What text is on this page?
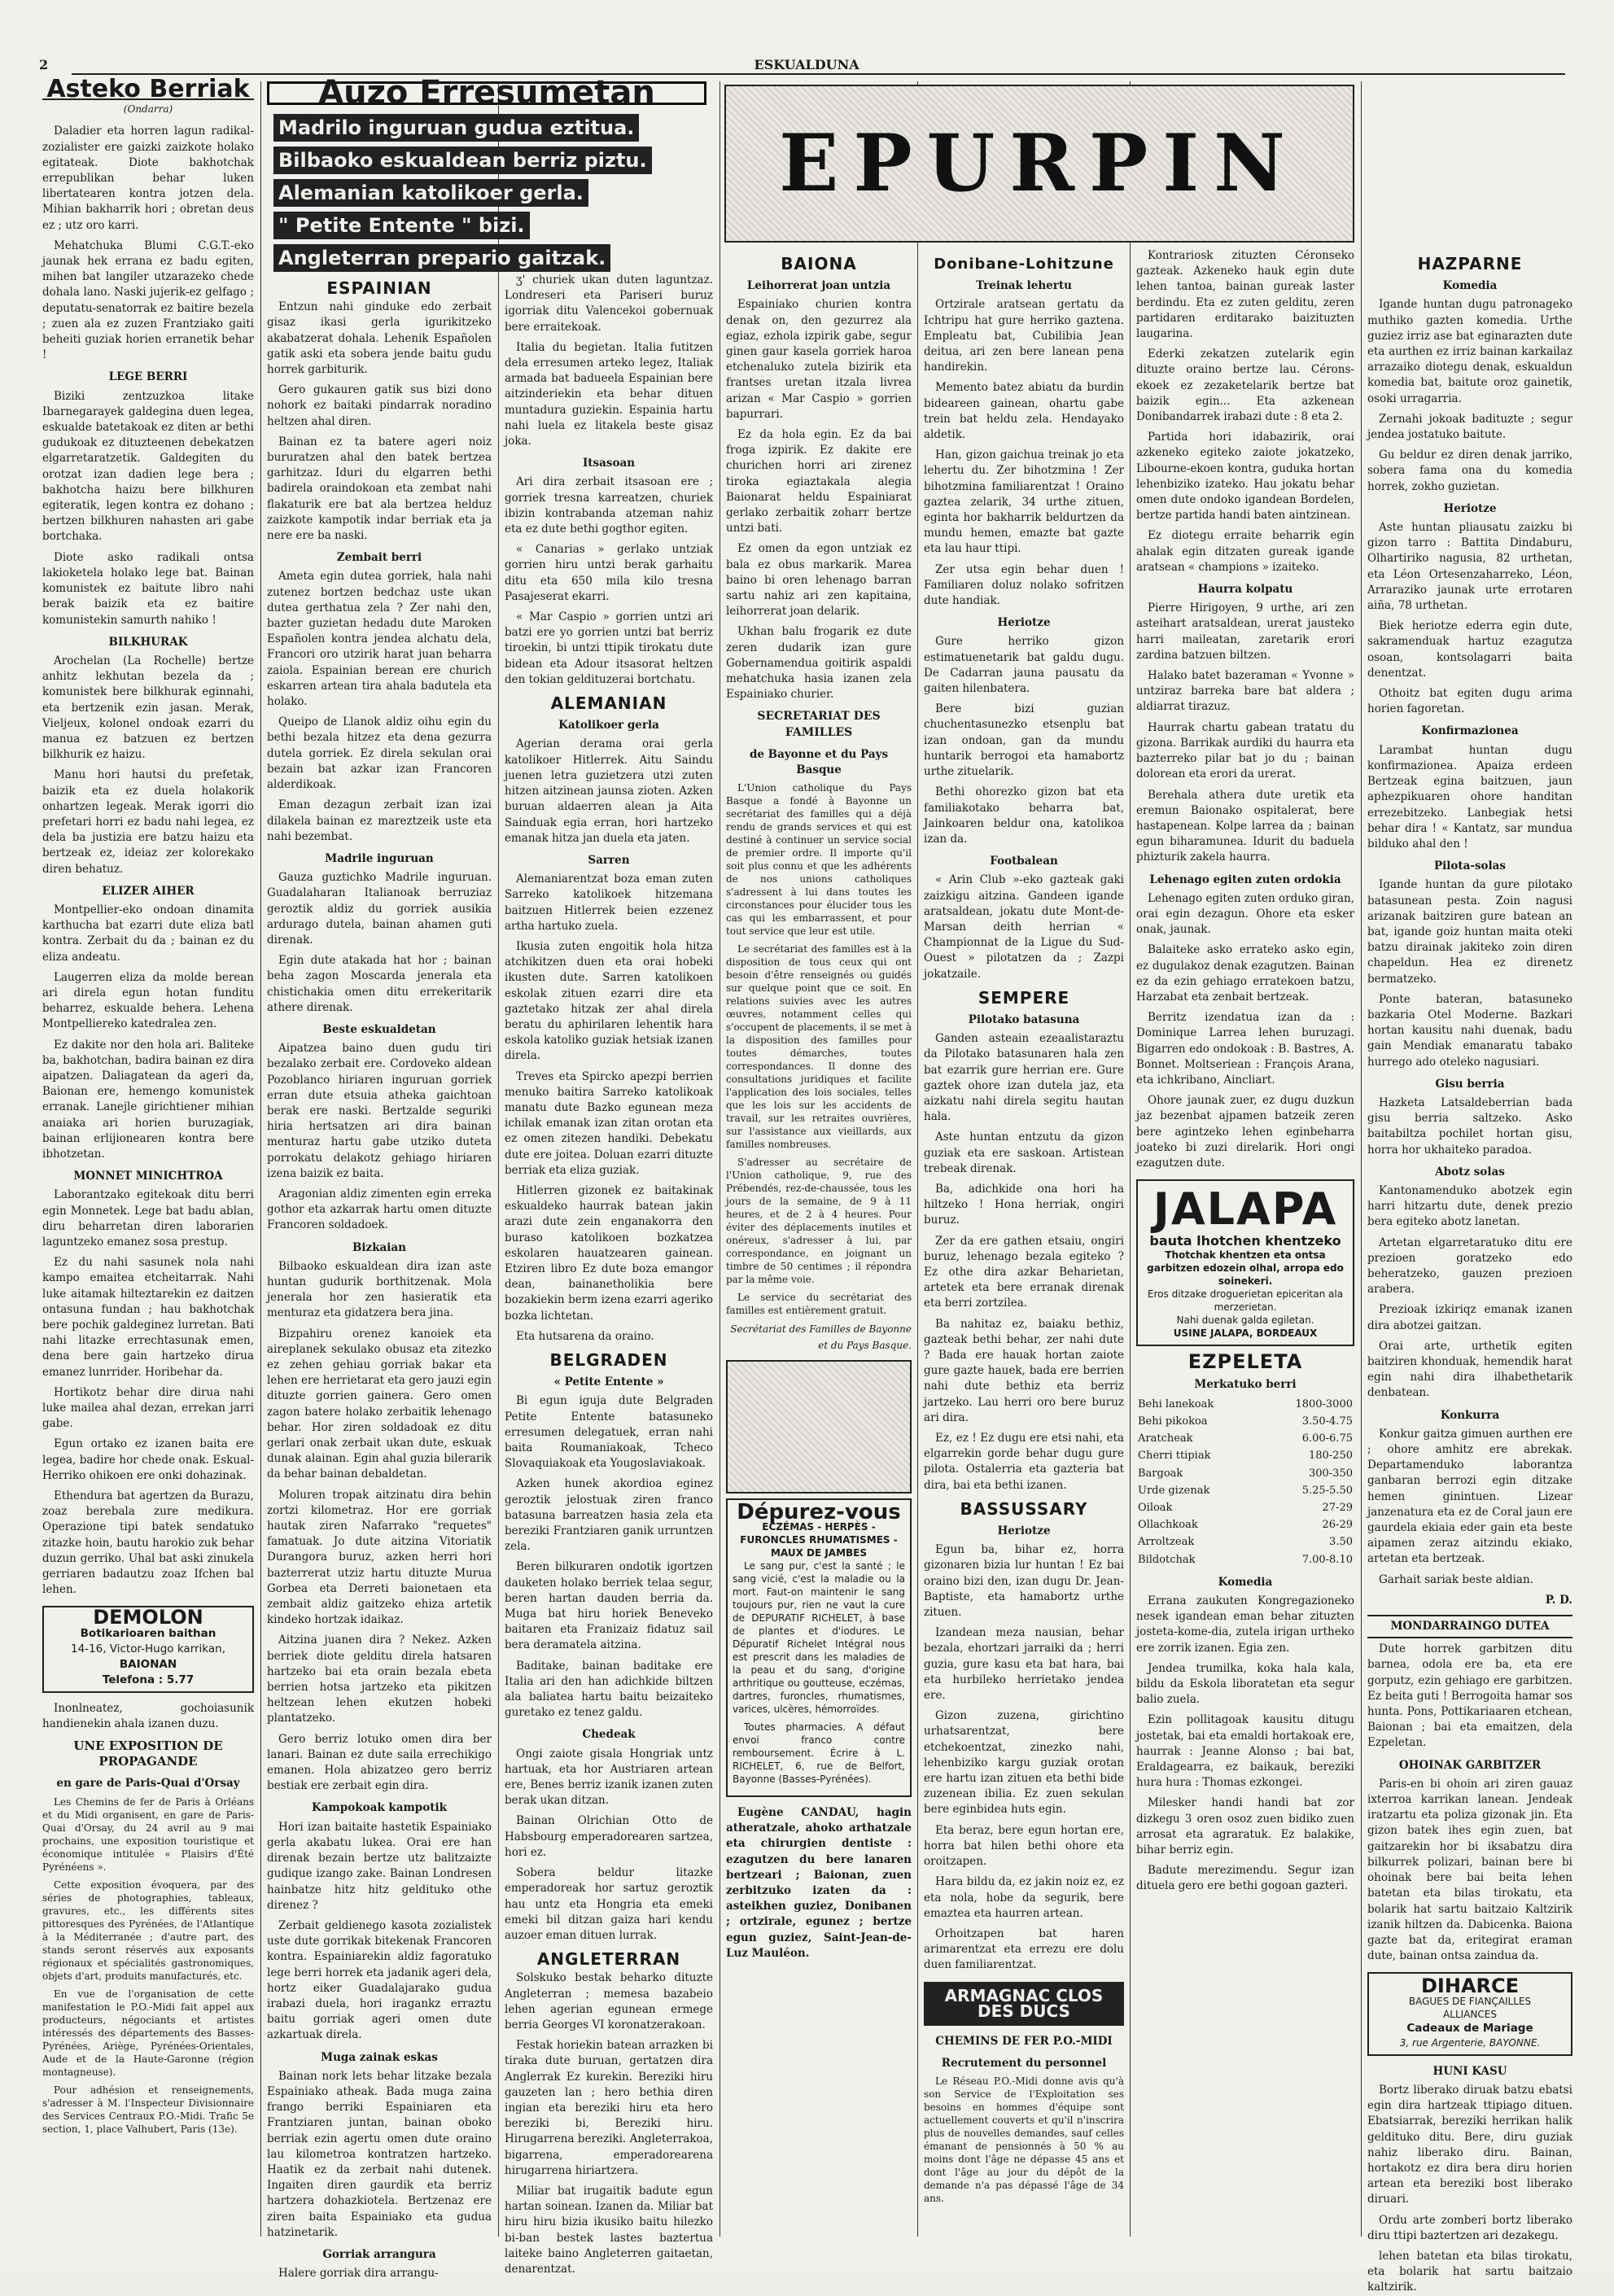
2	ESKUALDUNA
Asteko Berriak
(Ondarra)

Daladier eta horren lagun radikal-zozialister ere gaizki zaizkote holako egitateak. Diote bakhotchak errepublikan behar luken libertatearen kontra jotzen dela. Mihian bakharrik hori ; obretan deus ez ; utz oro karri.

Mehatchuka Blumi C.G.T.-eko jaunak hek errana ez badu egiten, mihen bat langiler utzarazeko chede dohala lano. Naski jujerik-ez gelfago ; deputatu-senatorrak ez baitire bezela ; zuen ala ez zuzen Frantziako gaiti beheiti guziak horien erranetik behar !

LEGE BERRI

Biziki zentzuzkoa litake Ibarnegarayek galdegina duen legea, eskualde batetakoak ez diten ar bethi gudukoak ez dituzteenen debekatzen elgarretaratzetik. Galdegiten du orotzat izan dadien lege bera ; bakhotcha haizu bere bilkhuren egiteratik, legen kontra ez dohano ; bertzen bilkhuren nahasten ari gabe bortchaka.

Diote asko radikali ontsa lakioketela holako lege bat. Bainan komunistek ez baitute libro nahi berak baizik eta ez baitire komunistekin samurth nahiko !

BILKHURAK

Arochelan (La Rochelle) bertze anhitz lekhutan bezela da ; komunistek bere bilkhurak eginnahi, eta bertzenik ezin jasan. Merak, Vieljeux, kolonel ondoak ezarri du manua ez batzuen ez bertzen bilkhurik ez haizu.

Manu hori hautsi du prefetak, baizik eta ez duela holakorik onhartzen legeak. Merak igorri dio prefetari horri ez badu nahi legea, ez dela ba justizia ere batzu haizu eta bertzeak ez, ideiaz zer kolorekako diren behatuz.

ELIZER AIHER

Montpellier-eko ondoan dinamita karthucha bat ezarri dute eliza batl kontra. Zerbait du da ; bainan ez du eliza andeatu.

Laugerren eliza da molde berean ari direla egun hotan funditu beharrez, eskualde behera. Lehena Montpelliereko katedralea zen.

Ez dakite nor den hola ari. Baliteke ba, bakhotchan, badira bainan ez dira aipatzen. Daliagatean da ageri da, Baionan ere, hemengo komunistek erranak. Lanejle girichtiener mihian anaiaka ari horien buruzagiak, bainan erlijionearen kontra bere ibhotzetan.

MONNET MINICHTROA

Laborantzako egitekoak ditu berri egin Monnetek. Lege bat badu ablan, diru beharretan diren laborarien laguntzeko emanez sosa prestup.

Ez du nahi sasunek nola nahi kampo emaitea etcheitarrak. Nahi luke aitamak hilteztarekin ez daitzen ontasuna fundan ; hau bakhotchak bere pochik galdeginez lurretan. Bati nahi litazke errechtasunak emen, dena bere gain hartzeko dirua emanez lunrrider. Horibehar da.

Hortikotz behar dire dirua nahi luke mailea ahal dezan, errekan jarri gabe.

Egun ortako ez izanen baita ere legea, badire hor chede onak. Eskual-Herriko ohikoen ere onki dohazinak.

Ethendura bat agertzen da Burazu, zoaz berebala zure medikura. Operazione tipi batek sendatuko zitazke hoin, bautu harokio zuk behar duzun gerriko. Uhal bat aski zinukela gerriaren badautzu zoaz Ifchen bal lehen.

DEMOLON
Botikarioaren baithan
14-16, Victor-Hugo karrikan,
BAIONAN
Telefona : 5.77

Inonlneatez, gochoiasunik handienekin ahala izanen duzu.

UNE EXPOSITION DE PROPAGANDE
en gare de Paris-Quai d'Orsay

Les Chemins de fer de Paris à Orléans et du Midi organisent, en gare de Paris-Quai d'Orsay, du 24 avril au 9 mai prochains, une exposition touristique et économique intitulée « Plaisirs d'Été Pyrénéens ».

Cette exposition évoquera, par des séries de photographies, tableaux, gravures, etc., les différents sites pittoresques des Pyrénées, de l'Atlantique à la Méditerranée ; d'autre part, des stands seront réservés aux exposants régionaux et spécialités gastronomiques, objets d'art, produits manufacturés, etc.

En vue de l'organisation de cette manifestation le P.O.-Midi fait appel aux producteurs, négociants et artistes intéressés des départements des Basses-Pyrénées, Ariège, Pyrénées-Orientales, Aude et de la Haute-Garonne (région montagneuse).

Pour adhésion et renseignements, s'adresser à M. l'Inspecteur Divisionnaire des Services Centraux P.O.-Midi. Trafic 5e section, 1, place Valhubert, Paris (13e).

Auzo Erresumetan
Madrilo inguruan gudua eztitua.
Bilbaoko eskualdean berriz piztu.
Alemanian katolikoer gerla.
" Petite Entente " bizi.
Angleterran prepario gaitzak.
ESPAINIAN

Entzun nahi ginduke edo zerbait gisaz ikasi gerla igurikitzeko akabatzerat dohala. Lehenik Españolen gatik aski eta sobera jende baitu gudu horrek garbiturik.

Gero gukauren gatik sus bizi dono nohork ez baitaki pindarrak noradino heltzen ahal diren.

Bainan ez ta batere ageri noiz bururatzen ahal den batek bertzea garhitzaz. Iduri du elgarren bethi badirela oraindokoan eta zembat nahi flakaturik ere bat ala bertzea helduz zaizkote kampotik indar berriak eta ja nere ere ba naski.

Zembait berri

Ameta egin dutea gorriek, hala nahi zutenez bortzen bedchaz uste ukan dutea gerthatua zela ? Zer nahi den, bazter guzietan hedadu dute Maroken Españolen kontra jendea alchatu dela, Francori oro utzirik harat juan beharra zaiola. Espainian berean ere churich eskarren artean tira ahala badutela eta holako.

Queipo de Llanok aldiz oihu egin du bethi bezala hitzez eta dena gezurra dutela gorriek. Ez direla sekulan orai bezain bat azkar izan Francoren alderdikoak.

Eman dezagun zerbait izan izai dilakela bainan ez mareztzeik uste eta nahi bezembat.

Madrile inguruan

Gauza guztichko Madrile inguruan. Guadalaharan Italianoak berruziaz geroztik aldiz du gorriek ausikia ardurago dutela, bainan ahamen guti direnak.

Egin dute atakada hat hor ; bainan beha zagon Moscarda jenerala eta chistichakia omen ditu errekeritarik athere direnak.

Beste eskualdetan

Aipatzea baino duen gudu tiri bezalako zerbait ere. Cordoveko aldean Pozoblanco hiriaren inguruan gorriek erran dute etsuia atheka gaichtoan berak ere naski. Bertzalde seguriki hiria hertsatzen ari dira bainan menturaz hartu gabe utziko duteta porrokatu delakotz gehiago hiriaren izena baizik ez baita.

Aragonian aldiz zimenten egin erreka gothor eta azkarrak hartu omen dituzte Francoren soldadoek.

Bizkaian

Bilbaoko eskualdean dira izan aste huntan gudurik borthitzenak. Mola jenerala hor zen hasieratik eta menturaz eta gidatzera bera jina.

Bizpahiru orenez kanoiek eta aireplanek sekulako obusaz eta zitezko ez zehen gehiau gorriak bakar eta lehen ere herrietarat eta gero jauzi egin dituzte gorrien gainera. Gero omen zagon batere holako zerbaitik lehenago behar. Hor ziren soldadoak ez ditu gerlari onak zerbait ukan dute, eskuak dunak alainan. Egin ahal guzia bilerarik da behar bainan debaldetan.

Moluren tropak aitzinatu dira behin zortzi kilometraz. Hor ere gorriak hautak ziren Nafarrako "requetes" famatuak. Jo dute aitzina Vitoriatik Durangora buruz, azken herri hori bazterrerat utziz hartu dituzte Murua Gorbea eta Derreti baionetaen eta zembait aldiz gaitzeko ehiza artetik kindeko hortzak idaikaz.

Aitzina juanen dira ? Nekez. Azken berriek diote gelditu direla hatsaren hartzeko bai eta orain bezala ebeta berrien hotsa jartzeko eta pikitzen heltzean lehen ekutzen hobeki plantatzeko.

Gero berriz lotuko omen dira ber lanari. Bainan ez dute saila errechikigo emanen. Hola abizatzeo gero berriz bestiak ere zerbait egin dira.

Kampokoak kampotik

Hori izan baitaite hastetik Espainiako gerla akabatu lukea. Orai ere han direnak bezain bertze utz balitzaizte gudique izango zake. Bainan Londresen hainbatze hitz hitz geldituko othe direnez ?

Zerbait geldienego kasota zozialistek uste dute gorrikak bitekenak Francoren kontra. Espainiarekin aldiz fagoratuko lege berri horrek eta jadanik ageri dela, hortz eiker Guadalajarako gudua irabazi duela, hori iragankz erraztu baitu gorriak ageri omen dute azkartuak direla.

Muga zainak eskas

Bainan nork lets behar litzake bezala Espainiako atheak. Bada muga zaina frango berriki Espainiaren eta Frantziaren juntan, bainan oboko berriak ezin agertu omen dute oraino lau kilometroa kontratzen hartzeko. Haatik ez da zerbait nahi dutenek. Ingaiten diren gaurdik eta berriz hartzera dohazkiotela. Bertzenaz ere ziren baita Espainiako eta gudua hatzinetarik.

Gorriak arrangura

Halere gorriak dira arrangu-

ʒ' churiek ukan duten laguntzaz. Londreseri eta Pariseri buruz igorriak ditu Valencekoi gobernuak bere erraitekoak.

Italia du begietan. Italia futitzen dela erresumen arteko legez, Italiak armada bat badueela Espainian bere aitzinderiekin eta behar dituen muntadura guziekin. Espainia hartu nahi luela ez litakela beste gisaz joka.

Itsasoan

Ari dira zerbait itsasoan ere ; gorriek tresna karreatzen, churiek ibizin kontrabanda atzeman nahiz eta ez dute bethi gogthor egiten.

« Canarias » gerlako untziak gorrien hiru untzi berak garhaitu ditu eta 650 mila kilo tresna Pasajeserat ekarri.

« Mar Caspio » gorrien untzi ari batzi ere yo gorrien untzi bat berriz tiroekin, bi untzi ttipik tirokatu dute bidean eta Adour itsasorat heltzen den tokian geldituzerai bortchatu.

ALEMANIAN
Katolikoer gerla

Agerian derama orai gerla katolikoer Hitlerrek. Aitu Saindu juenen letra guzietzera utzi zuten hitzen aitzinean jaunsa zioten. Azken buruan aldaerren alean ja Aita Sainduak egia erran, hori hartzeko emanak hitza jan duela eta jaten.

Sarren

Alemaniarentzat boza eman zuten Sarreko katolikoek hitzemana baitzuen Hitlerrek beien ezzenez artha hartuko zuela.

Ikusia zuten engoitik hola hitza atchikitzen duen eta orai hobeki ikusten dute. Sarren katolikoen eskolak zituen ezarri dire eta gaztetako hitzak zer ahal direla beratu du aphirilaren lehentik hara eskola katoliko guziak hetsiak izanen direla.

Treves eta Spircko apezpi berrien menuko baitira Sarreko katolikoak manatu dute Bazko egunean meza ichilak emanak izan zitan orotan eta ez omen zitezen handiki. Debekatu dute ere joitea. Doluan ezarri dituzte berriak eta eliza guziak.

Hitlerren gizonek ez baitakinak eskualdeko haurrak batean jakin arazi dute zein enganakorra den buraso katolikoen bozkatzea eskolaren hauatzearen gainean. Etziren libro Ez dute boza emangor dean, bainanetholikia bere bozakiekin berm izena ezarri ageriko bozka lichtetan.

Eta hutsarena da oraino.

BELGRADEN
« Petite Entente »

Bi egun iguja dute Belgraden Petite Entente batasuneko erresumen delegatuek, erran nahi baita Roumaniakoak, Tcheco Slovaquiakoak eta Yougoslaviakoak.

Azken hunek akordioa eginez geroztik jelostuak ziren franco batasuna barreatzen hasia zela eta bereziki Frantziaren ganik urruntzen zela.

Beren bilkuraren ondotik igortzen dauketen holako berriek telaa segur, beren hartan dauden berria da. Muga bat hiru horiek Beneveko baitaren eta Franizaiz fidatuz sail bera deramatela aitzina.

Baditake, bainan baditake ere Italia ari den han adichkide biltzen ala baliatea hartu baitu beizaiteko guretako ez tenez galdu.

Chedeak

Ongi zaiote gisala Hongriak untz hartuak, eta hor Austriaren artean ere, Benes berriz izanik izanen zuten berak ukan ditzan.

Bainan Olrichian Otto de Habsbourg emperadorearen sartzea, hori ez.

Sobera beldur litazke emperadoreak hor sartuz geroztik hau untz eta Hongria eta emeki emeki bil ditzan gaiza hari kendu auzoer eman dituen lurrak.

ANGLETERRAN

Solskuko bestak beharko dituzte Angleterran ; memesa bazabeio lehen agerian egunean ermege berria Georges VI koronatzerakoan.

Festak horiekin batean arrazken bi tiraka dute buruan, gertatzen dira Anglerrak Ez kurekin. Bereziki hiru gauzeten lan ; hero bethia diren ingian eta bereziki hiru eta hero bereziki bi, Bereziki hiru. Hirugarrena bereziki. Angleterrakoa, bigarrena, emperadorearena hirugarrena hiriartzera.

Miliar bat irugaitik badute egun hartan soinean. Izanen da. Miliar bat hiru hiru bizia ikusiko baitu hilezko bi-ban bestek lastes baztertua laiteke baino Angleterren gaitaetan, denarentzat.

EPURPIN
BAIONA
Leihorrerat joan untzia

Espainiako churien kontra denak on, den gezurrez ala egiaz, ezhola izpirik gabe, segur ginen gaur kasela gorriek haroa etchenaluko zutela bizirik eta frantses uretan itzala livrea arizan « Mar Caspio » gorrien bapurrari.

Ez da hola egin. Ez da bai froga izpirik. Ez dakite ere churichen horri ari zirenez tiroka egiaztakala alegia Baionarat heldu Espainiarat gerlako zerbaitik zoharr bertze untzi bati.

Ez omen da egon untziak ez bala ez obus markarik. Marea baino bi oren lehenago barran sartu nahiz ari zen kapitaina, leihorrerat joan delarik.

Ukhan balu frogarik ez dute zeren dudarik izan gure Gobernamendua goitirik aspaldi mehatchuka hasia izanen zela Espainiako churier.

SECRETARIAT DES FAMILLES
de Bayonne et du Pays Basque

L'Union catholique du Pays Basque a fondé à Bayonne un secrétariat des familles qui a déjà rendu de grands services et qui est destiné à continuer un service social de premier ordre. Il importe qu'il soit plus connu et que les adhérents de nos unions catholiques s'adressent à lui dans toutes les circonstances pour élucider tous les cas qui les embarrassent, et pour tout service que leur est utile.

Le secrétariat des familles est à la disposition de tous ceux qui ont besoin d'être renseignés ou guidés sur quelque point que ce soit. En relations suivies avec les autres œuvres, notamment celles qui s'occupent de placements, il se met à la disposition des familles pour toutes démarches, toutes correspondances. Il donne des consultations juridiques et facilite l'application des lois sociales, telles que les lois sur les accidents de travail, sur les retraites ouvrières, sur l'assistance aux vieillards, aux familles nombreuses.

S'adresser au secrétaire de l'Union catholique, 9, rue des Prébendés, rez-de-chaussée, tous les jours de la semaine, de 9 à 11 heures, et de 2 à 4 heures. Pour éviter des déplacements inutiles et onéreux, s'adresser à lui, par correspondance, en joignant un timbre de 50 centimes ; il répondra par la même voie.

Le service du secrétariat des familles est entièrement gratuit.

Secrétariat des Familles de Bayonne et du Pays Basque.
Dépurez-vous
ECZÉMAS - HERPÈS - FURONCLES RHUMATISMES - MAUX DE JAMBES

Le sang pur, c'est la santé ; le sang vicié, c'est la maladie ou la mort. Faut-on maintenir le sang toujours pur, rien ne vaut la cure de DEPURATIF RICHELET, à base de plantes et d'iodures. Le Dépuratif Richelet Intégral nous est prescrit dans les maladies de la peau et du sang, d'origine arthritique ou goutteuse, eczémas, dartres, furoncles, rhumatismes, varices, ulcères, hémorroïdes.

Toutes pharmacies. A défaut envoi franco contre remboursement. Écrire à L. RICHELET, 6, rue de Belfort, Bayonne (Basses-Pyrénées).

Eugène CANDAU, hagin atheratzale, ahoko arthatzale eta chirurgien dentiste : ezagutzen du bere lanaren bertzeari ; Baionan, zuen zerbitzuko izaten da : asteikhen guziez, Donibanen ; ortzirale, egunez ; bertze egun guziez, Saint-Jean-de-Luz Mauléon.

Donibane-Lohitzune
Treinak lehertu

Ortzirale aratsean gertatu da Ichtripu hat gure herriko gaztena. Empleatu bat, Cubilibia Jean deitua, ari zen bere lanean pena handirekin.

Memento batez abiatu da burdin bideareen gainean, ohartu gabe trein bat heldu zela. Hendayako aldetik.

Han, gizon gaichua treinak jo eta lehertu du. Zer bihotzmina ! Zer bihotzmina familiarentzat ! Oraino gaztea zelarik, 34 urthe zituen, eginta hor bakharrik beldurtzen da mundu hemen, emazte bat gazte eta lau haur ttipi.

Zer utsa egin behar duen ! Familiaren doluz nolako sofritzen dute handiak.

Heriotze

Gure herriko gizon estimatuenetarik bat galdu dugu. De Cadarran jauna pausatu da gaiten hilenbatera.

Bere bizi guzian chuchentasunezko etsenplu bat izan ondoan, gan da mundu huntarik berrogoi eta hamabortz urthe zituelarik.

Bethi ohorezko gizon bat eta familiakotako beharra bat, Jainkoaren beldur ona, katolikoa izan da.

Footbalean

« Arin Club »-eko gazteak gaki zaizkigu aitzina. Gandeen igande aratsaldean, jokatu dute Mont-de-Marsan deith herrian « Championnat de la Ligue du Sud-Ouest » pilotatzen da ; Zazpi jokatzaile.

SEMPERE
Pilotako batasuna

Ganden asteain ezeaalistaraztu da Pilotako batasunaren hala zen bat ezarrik gure herrian ere. Gure gaztek ohore izan dutela jaz, eta aizkatu nahi direla segitu hautan hala.

Aste huntan entzutu da gizon guziak eta ere saskoan. Artistean trebeak direnak.

Ba, adichkide ona hori ha hiltzeko ! Hona herriak, ongiri buruz.

Zer da ere gathen etsaiu, ongiri buruz, lehenago bezala egiteko ? Ez othe dira azkar Beharietan, artetek eta bere erranak direnak eta berri zortzilea.

Ba nahitaz ez, baiaku bethiz, gazteak bethi behar, zer nahi dute ? Bada ere hauak hortan zaiote gure gazte hauek, bada ere berrien nahi dute bethiz eta berriz jartzeko. Lau herri oro bere buruz ari dira.

Ez, ez ! Ez dugu ere etsi nahi, eta elgarrekin gorde behar dugu gure pilota. Ostalerria eta gazteria bat dira, bai eta bethi izanen.

BASSUSSARY
Heriotze

Egun ba, bihar ez, horra gizonaren bizia lur huntan ! Ez bai oraino bizi den, izan dugu Dr. Jean-Baptiste, eta hamabortz urthe zituen.

Izandean meza nausian, behar bezala, ehortzari jarraiki da ; herri guzia, gure kasu eta bat hara, bai eta hurbileko herrietako jendea ere.

Gizon zuzena, girichtino urhatsarentzat, bere etchekoentzat, zinezko nahi, lehenbiziko kargu guziak orotan ere hartu izan zituen eta bethi bide zuzenean ibilia. Ez zuen sekulan bere eginbidea huts egin.

Eta beraz, bere egun hortan ere, horra bat hilen bethi ohore eta oroitzapen.

Hara bildu da, ez jakin noiz ez, ez eta nola, hobe da segurik, bere emaztea eta haurren artean.

Orhoitzapen bat haren arimarentzat eta errezu ere dolu duen familiarentzat.

ARMAGNAC CLOS DES DUCS
CHEMINS DE FER P.O.-MIDI
Recrutement du personnel

Le Réseau P.O.-Midi donne avis qu'à son Service de l'Exploitation ses besoins en hommes d'équipe sont actuellement couverts et qu'il n'inscrira plus de nouvelles demandes, sauf celles émanant de pensionnés à 50 % au moins dont l'âge ne dépasse 45 ans et dont l'âge au jour du dépôt de la demande n'a pas dépassé l'âge de 34 ans.

Kontrariosk zituzten Céronseko gazteak. Azkeneko hauk egin dute lehen tantoa, bainan gureak laster berdindu. Eta ez zuten gelditu, zeren partidaren erditarako baizituzten laugarina.

Ederki zekatzen zutelarik egin dituzte oraino bertze lau. Cérons-ekoek ez zezaketelarik bertze bat baizik egin... Eta azkenean Donibandarrek irabazi dute : 8 eta 2.

Partida hori idabazirik, orai azkeneko egiteko zaiote jokatzeko, Libourne-ekoen kontra, guduka hortan lehenbiziko izateko. Hau jokatu behar omen dute ondoko igandean Bordelen, bertze partida handi baten aintzinean.

Ez diotegu erraite beharrik egin ahalak egin ditzaten gureak igande aratsean « champions » izaiteko.

Haurra kolpatu

Pierre Hirigoyen, 9 urthe, ari zen asteihart aratsaldean, urerat jausteko harri maileatan, zaretarik erori zardina batzuen biltzen.

Halako batet bazeraman « Yvonne » untziraz barreka bare bat aldera ; aldiarrat tirazuz.

Haurrak chartu gabean tratatu du gizona. Barrikak aurdiki du haurra eta bazterreko pilar bat jo du ; bainan dolorean eta erori da urerat.

Berehala athera dute uretik eta eremun Baionako ospitalerat, bere hastapenean. Kolpe larrea da ; bainan egun biharamunea. Idurit du baduela phizturik zakela haurra.

Lehenago egiten zuten ordokia

Lehenago egiten zuten orduko giran, orai egin dezagun. Ohore eta esker onak, jaunak.

Balaiteke asko errateko asko egin, ez dugulakoz denak ezagutzen. Bainan ez da ezin gehiago erratekoen batzu, Harzabat eta zenbait bertzeak.

Berritz izendatua izan da : Dominique Larrea lehen buruzagi. Bigarren edo ondokoak : B. Bastres, A. Bonnet. Moltseriean : François Arana, eta ichkribano, Aincliart.

Ohore jaunak zuer, ez dugu duzkun jaz bezenbat ajpamen batzeik zeren bere agintzeko lehen eginbeharra joateko bi zuzi direlarik. Hori ongi ezagutzen dute.

JALAPA
bauta lhotchen khentzeko
Thotchak khentzen eta ontsa garbitzen edozein olhal, arropa edo soinekeri.
Eros ditzake droguerietan epiceritan ala merzerietan.
Nahi duenak galda egiletan.
USINE JALAPA, BORDEAUX
EZPELETA
Merkatuko berri
Behi lanekoak	1800-3000
Behi pikokoa	3.50-4.75
Aratcheak	6.00-6.75
Cherri ttipiak	180-250
Bargoak	300-350
Urde gizenak	5.25-5.50
Oiloak	27-29
Ollachkoak	26-29
Arroltzeak	3.50
Bildotchak	7.00-8.10
Komedia

Errana zaukuten Kongregazioneko nesek igandean eman behar zituzten josteta-kome-dia, zutela irigan urtheko ere zorrik izanen. Egia zen.

Jendea trumilka, koka hala kala, bildu da Eskola liboratetan eta segur balio zuela.

Ezin pollitagoak kausitu ditugu jostetak, bai eta emaldi hortakoak ere, haurrak : Jeanne Alonso ; bai bat, Eraldagearra, ez baikauk, bereziki hura hura : Thomas ezkongei.

Milesker handi handi bat zor dizkegu 3 oren osoz zuen bidiko zuen arrosat eta agraratuk. Ez balakike, bihar berriz egin.

Badute merezimendu. Segur izan dituela gero ere bethi gogoan gazteri.

HAZPARNE
Komedia

Igande huntan dugu patronageko muthiko gazten komedia. Urthe guziez irriz ase bat eginarazten dute eta aurthen ez irriz bainan karkailaz arrazaiko diotegu denak, eskualdun komedia bat, baitute oroz gainetik, osoki urragarria.

Zernahi jokoak badituzte ; segur jendea jostatuko baitute.

Gu beldur ez diren denak jarriko, sobera fama ona du komedia horrek, zokho guzietan.

Heriotze

Aste huntan pliausatu zaizku bi gizon tarro : Battita Dindaburu, Olhartiriko nagusia, 82 urthetan, eta Léon Ortesenzaharreko, Léon, Arraraziko jaunak urte errotaren aiña, 78 urthetan.

Biek heriotze ederra egin dute, sakramenduak hartuz ezagutza osoan, kontsolagarri baita denentzat.

Othoitz bat egiten dugu arima horien fagoretan.

Konfirmazionea

Larambat huntan dugu konfirmazionea. Apaiza erdeen Bertzeak egina baitzuen, jaun aphezpikuaren ohore handitan errezebitzeko. Lanbegiak hetsi behar dira ! « Kantatz, sar mundua bilduko ahal den !

Pilota-solas

Igande huntan da gure pilotako batasunean pesta. Zoin nagusi arizanak baitziren gure batean an bat, igande goiz huntan maita oteki batzu dirainak jakiteko zoin diren chapeldun. Hea ez direnetz bermatzeko.

Ponte bateran, batasuneko bazkaria Otel Moderne. Bazkari hortan kausitu nahi duenak, badu gain Mendiak emanaratu tabako hurrego ado oteleko nagusiari.

Gisu berria

Hazketa Latsaldeberrian bada gisu berria saltzeko. Asko baitabiltza pochilet hortan gisu, horra hor ukhaiteko paradoa.

Abotz solas

Kantonamenduko abotzek egin harri hitzartu dute, denek prezio bera egiteko abotz lanetan.

Artetan elgarretaratuko ditu ere prezioen goratzeko edo beheratzeko, gauzen prezioen arabera.

Prezioak izkiriqz emanak izanen dira abotzei gaitzan.

Orai arte, urthetik egiten baitziren khonduak, hemendik harat egin nahi dira ilhabethetarik denbatean.

Konkurra

Konkur gaitza gimuen aurthen ere ; ohore amhitz ere abrekak. Departamenduko laborantza ganbaran berrozi egin ditzake hemen ginintuen. Lizear janzenatura eta ez de Coral jaun ere gaurdela ekiaia eder gain eta beste aipamen zeraz aitzindu ekiako, artetan eta bertzeak.

Garhait sariak beste aldian.

P. D.
MONDARRAINGO DUTEA

Dute horrek garbitzen ditu barnea, odola ere ba, eta ere gorputz, ezin gehiago ere garbitzen. Ez beita guti ! Berrogoita hamar sos hunta. Pons, Pottikariaaren etchean, Baionan ; bai eta emaitzen, dela Ezpeletan.

OHOINAK GARBITZER

Paris-en bi ohoin ari ziren gauaz ixterroa karrikan lanean. Jendeak iratzartu eta poliza gizonak jin. Eta gizon batek ihes egin zuen, bat gaitzarekin hor bi iksabatzu dira bilkurrek polizari, bainan bere bi ohoinak bere bai beita lehen batetan eta bilas tirokatu, eta bolarik hat sartu baitzaio Kaltzirik izanik hiltzen da. Dabicenka. Baiona gazte bat da, eritegirat eraman dute, bainan ontsa zaindua da.

DIHARCE
BAGUES DE FIANÇAILLES
ALLIANCES
Cadeaux de Mariage
3, rue Argenterie, BAYONNE.
HUNI KASU

Bortz liberako diruak batzu ebatsi egin dira hartzeak ttipiago dituen. Ebatsiarrak, bereziki herrikan halik geldituko ditu. Bere, diru guziak nahiz liberako diru. Bainan, hortakotz ez dira bera diru horien artean eta bereziki bost liberako diruari.

Ordu arte zomberi bortz liberako diru ttipi baztertzen ari dezakegu.

lehen batetan eta bilas tirokatu, eta bolarik hat sartu baitzaio kaltzirik.
